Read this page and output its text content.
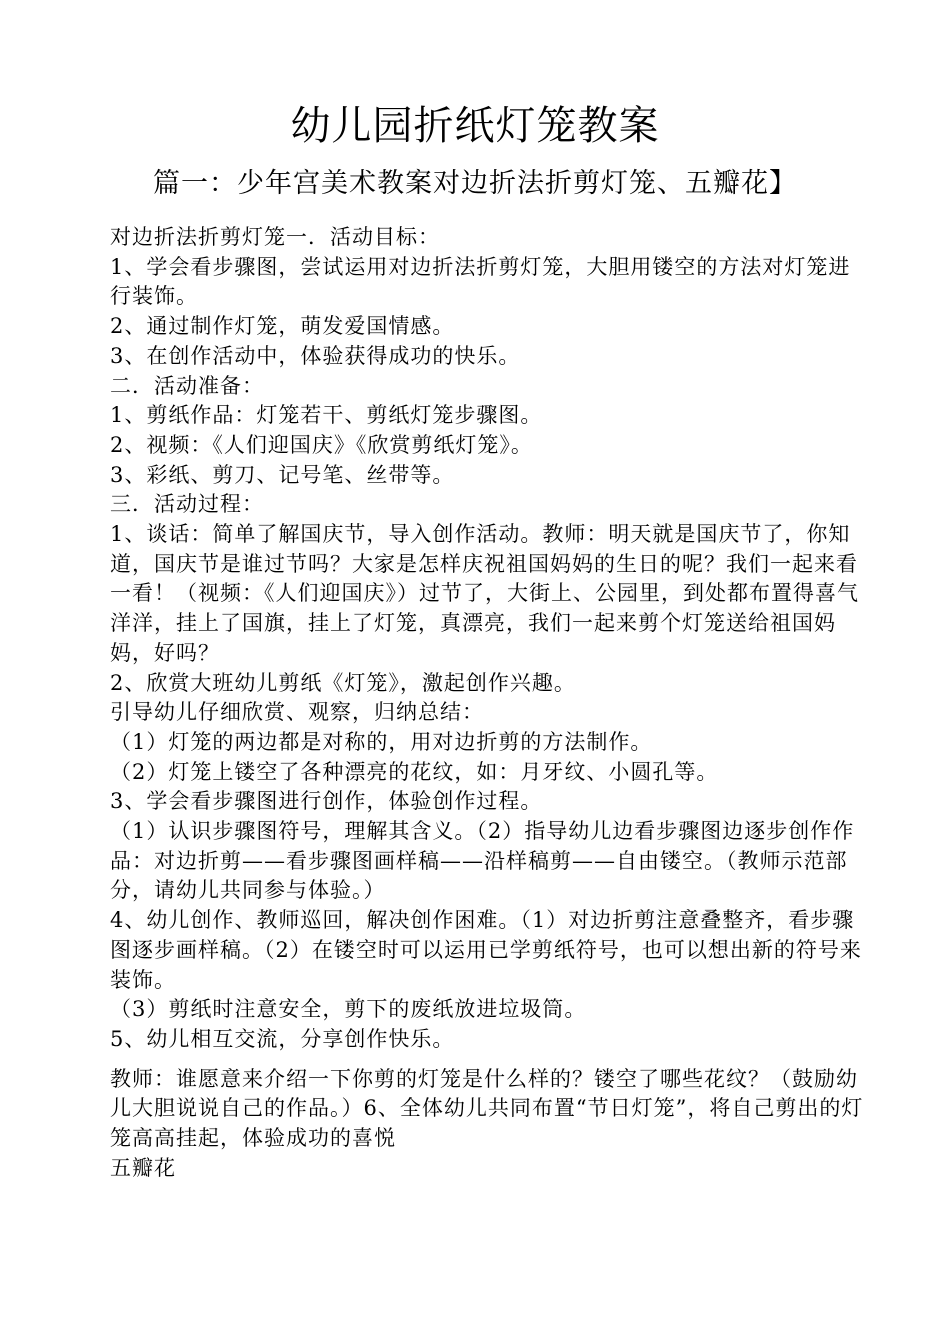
幼儿园折纸灯笼教案
篇一：少年宫美术教案对边折法折剪灯笼、五瓣花】

对边折法折剪灯笼一．活动目标：

1、学会看步骤图，尝试运用对边折法折剪灯笼，大胆用镂空的方法对灯笼进行装饰。

2、通过制作灯笼，萌发爱国情感。

3、在创作活动中，体验获得成功的快乐。

二．活动准备：

1、剪纸作品：灯笼若干、剪纸灯笼步骤图。

2、视频：《人们迎国庆》《欣赏剪纸灯笼》。

3、彩纸、剪刀、记号笔、丝带等。

三．活动过程：

1、谈话：简单了解国庆节，导入创作活动。教师：明天就是国庆节了，你知道，国庆节是谁过节吗？大家是怎样庆祝祖国妈妈的生日的呢？我们一起来看一看！（视频：《人们迎国庆》）过节了，大街上、公园里，到处都布置得喜气洋洋，挂上了国旗，挂上了灯笼，真漂亮，我们一起来剪个灯笼送给祖国妈妈，好吗？

2、欣赏大班幼儿剪纸《灯笼》，激起创作兴趣。

引导幼儿仔细欣赏、观察，归纳总结：

（1）灯笼的两边都是对称的，用对边折剪的方法制作。

（2）灯笼上镂空了各种漂亮的花纹，如：月牙纹、小圆孔等。

3、学会看步骤图进行创作，体验创作过程。

（1）认识步骤图符号，理解其含义。（2）指导幼儿边看步骤图边逐步创作作品：对边折剪——看步骤图画样稿——沿样稿剪——自由镂空。（教师示范部分，请幼儿共同参与体验。）

4、幼儿创作、教师巡回，解决创作困难。（1）对边折剪注意叠整齐，看步骤图逐步画样稿。（2）在镂空时可以运用已学剪纸符号，也可以想出新的符号来装饰。

（3）剪纸时注意安全，剪下的废纸放进垃圾筒。

5、幼儿相互交流，分享创作快乐。

教师：谁愿意来介绍一下你剪的灯笼是什么样的？镂空了哪些花纹？（鼓励幼儿大胆说说自己的作品。）6、全体幼儿共同布置“节日灯笼”，将自己剪出的灯笼高高挂起，体验成功的喜悦

五瓣花
